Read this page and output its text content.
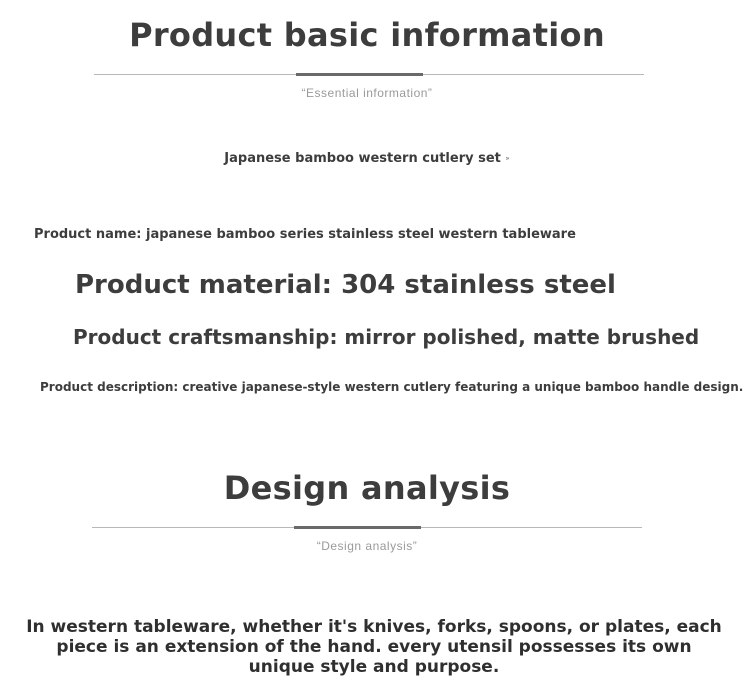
Product basic information
“Essential information”
Japanese bamboo western cutlery set »
Product name: japanese bamboo series stainless steel western tableware
Product material: 304 stainless steel
Product craftsmanship: mirror polished, matte brushed
Product description: creative japanese-style western cutlery featuring a unique bamboo handle design.
Design analysis
“Design analysis”
In western tableware, whether it's knives, forks, spoons, or plates, each piece is an extension of the hand. every utensil possesses its own unique style and purpose.
